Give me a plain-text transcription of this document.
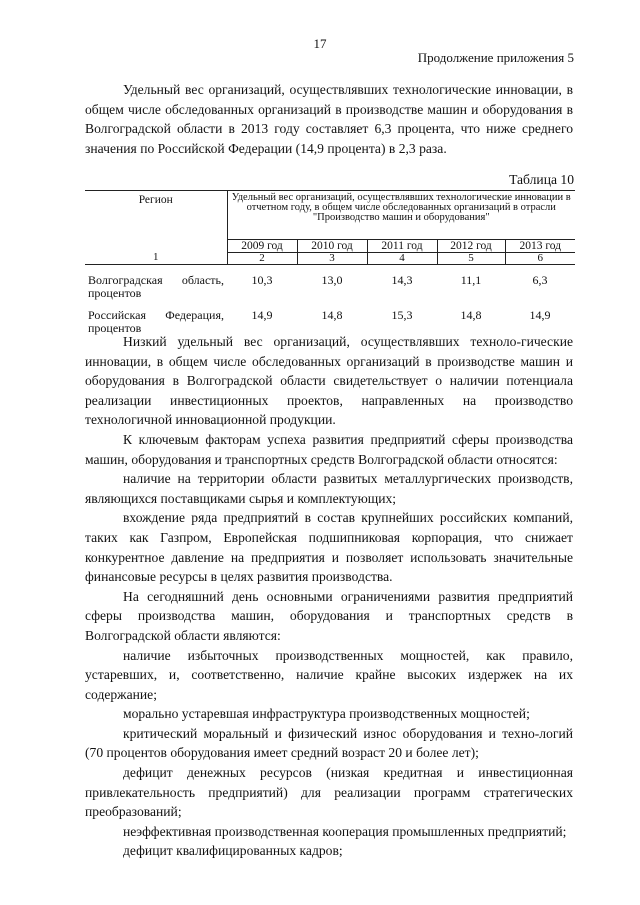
17
Продолжение приложения 5

Удельный вес организаций, осуществлявших технологические инновации, в общем числе обследованных организаций в производстве машин и оборудования в Волгоградской области в 2013 году составляет 6,3 процента, что ниже среднего значения по Российской Федерации (14,9 процента) в 2,3 раза.

Таблица 10
Регион	Удельный вес организаций, осуществлявших технологические инновации в отчетном году, в общем числе обследованных организаций в отрасли "Производство машин и оборудования"				
	2009 год	2010 год	2011 год	2012 год	2013 год
1	2	3	4	5	6
Волгоградская область, процентов	10,3	13,0	14,3	11,1	6,3
Российская Федерация, процентов	14,9	14,8	15,3	14,8	14,9

Низкий удельный вес организаций, осуществлявших техноло-гические инновации, в общем числе обследованных организаций в производстве машин и оборудования в Волгоградской области свидетельствует о наличии потенциала реализации инвестиционных проектов, направленных на производство технологичной инновационной продукции.

К ключевым факторам успеха развития предприятий сферы производства машин, оборудования и транспортных средств Волгоградской области относятся:

наличие на территории области развитых металлургических производств, являющихся поставщиками сырья и комплектующих;

вхождение ряда предприятий в состав крупнейших российских компаний, таких как Газпром, Европейская подшипниковая корпорация, что снижает конкурентное давление на предприятия и позволяет использовать значительные финансовые ресурсы в целях развития производства.

На сегодняшний день основными ограничениями развития предприятий сферы производства машин, оборудования и транспортных средств в Волгоградской области являются:

наличие избыточных производственных мощностей, как правило, устаревших, и, соответственно, наличие крайне высоких издержек на их содержание;

морально устаревшая инфраструктура производственных мощностей;

критический моральный и физический износ оборудования и техно-логий (70 процентов оборудования имеет средний возраст 20 и более лет);

дефицит денежных ресурсов (низкая кредитная и инвестиционная привлекательность предприятий) для реализации программ стратегических преобразований;

неэффективная производственная кооперация промышленных предприятий;

дефицит квалифицированных кадров;
